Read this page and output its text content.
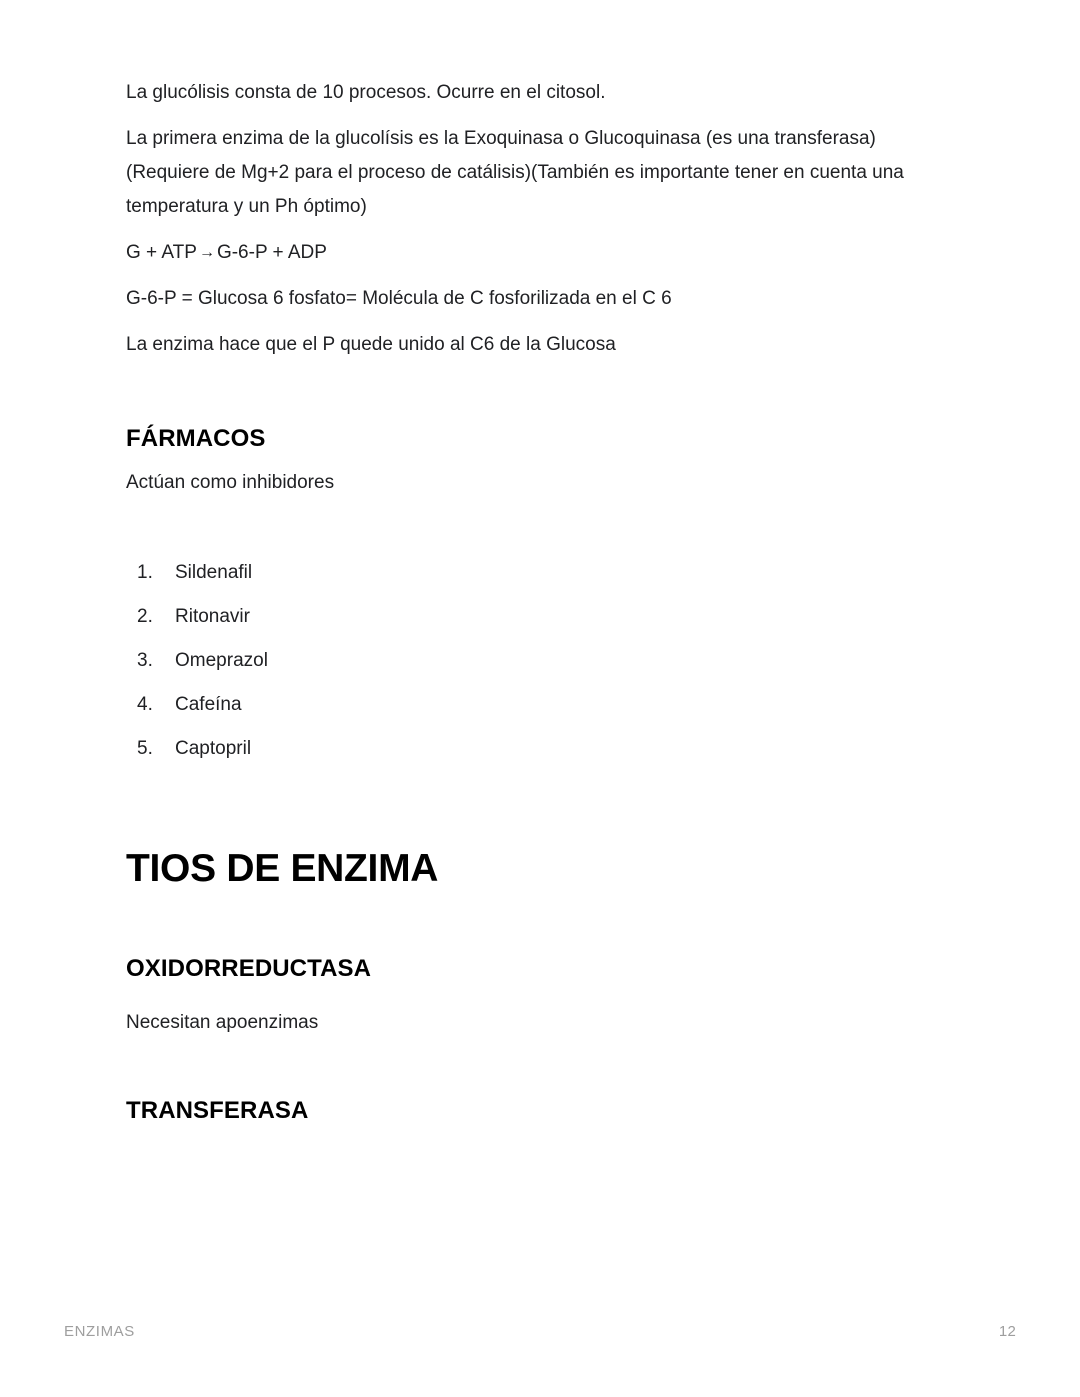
La glucólisis consta de 10 procesos. Ocurre en el citosol.

La primera enzima de la glucolísis es la Exoquinasa o Glucoquinasa (es una transferasa) (Requiere de Mg+2 para el proceso de catálisis)(También es importante tener en cuenta una temperatura y un Ph óptimo)

G + ATP → G-6-P + ADP

G-6-P = Glucosa 6 fosfato= Molécula de C fosforilizada en el C 6

La enzima hace que el P quede unido al C6 de la Glucosa

FÁRMACOS

Actúan como inhibidores

Sildenafil
Ritonavir
Omeprazol
Cafeína
Captopril
TIOS DE ENZIMA
OXIDORREDUCTASA

Necesitan apoenzimas

TRANSFERASA
ENZIMAS	12
